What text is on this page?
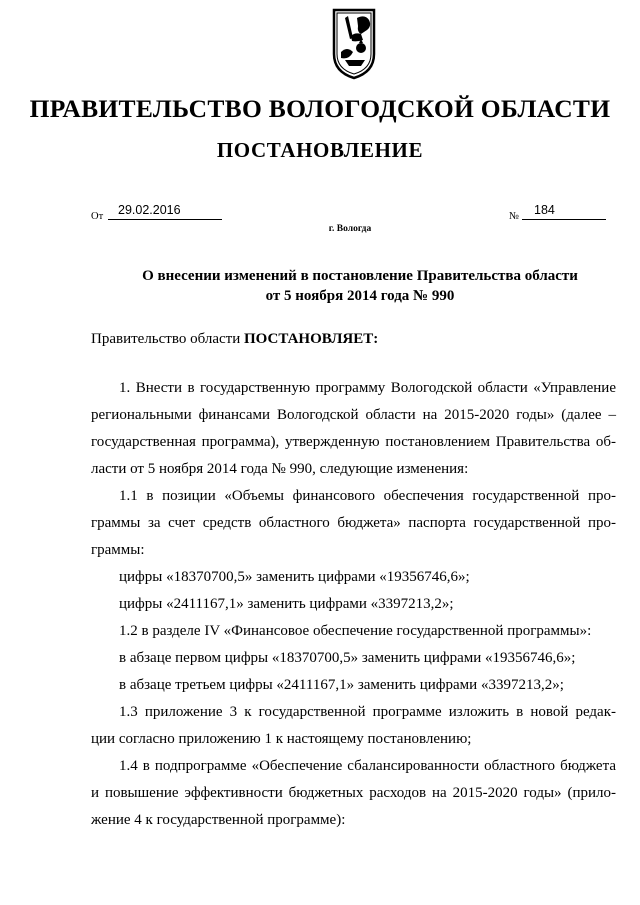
ПРАВИТЕЛЬСТВО ВОЛОГОДСКОЙ ОБЛАСТИ
ПОСТАНОВЛЕНИЕ
От	29.02.2016	№	184
г. Вологда
О внесении изменений в постановление Правительства области
от 5 ноября 2014 года № 990
Правительство области ПОСТАНОВЛЯЕТ:
1. Внести в государственную программу Вологодской области «Управление
региональными финансами Вологодской области на 2015-2020 годы» (далее –
государственная программа), утвержденную постановлением Правительства об-
ласти от 5 ноября 2014 года № 990, следующие изменения:
1.1 в позиции «Объемы финансового обеспечения государственной про-
граммы за счет средств областного бюджета» паспорта государственной про-
граммы:
цифры «18370700,5» заменить цифрами «19356746,6»;
цифры «2411167,1» заменить цифрами «3397213,2»;
1.2 в разделе IV «Финансовое обеспечение государственной программы»:
в абзаце первом цифры «18370700,5» заменить цифрами «19356746,6»;
в абзаце третьем цифры «2411167,1» заменить цифрами «3397213,2»;
1.3 приложение 3 к государственной программе изложить в новой редак-
ции согласно приложению 1 к настоящему постановлению;
1.4 в подпрограмме «Обеспечение сбалансированности областного бюджета
и повышение эффективности бюджетных расходов на 2015-2020 годы» (прило-
жение 4 к государственной программе):
